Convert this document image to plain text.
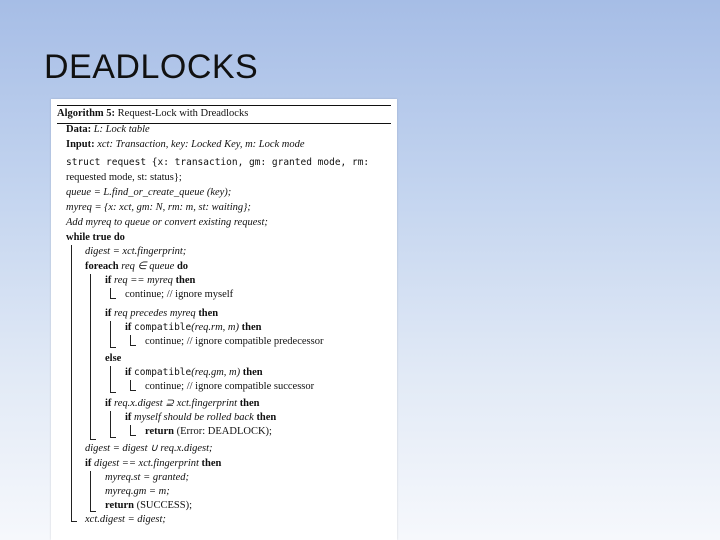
DEADLOCKS
Algorithm 5: Request-Lock with Dreadlocks
Data: L: Lock table
Input: xct: Transaction, key: Locked Key, m: Lock mode
struct request {x: transaction, gm: granted mode, rm:
requested mode, st: status};
queue = L.find_or_create_queue (key);
myreq = {x: xct, gm: N, rm: m, st: waiting};
Add myreq to queue or convert existing request;
while true do
digest = xct.fingerprint;
foreach req ∈ queue do
if req == myreq then
continue; // ignore myself
if req precedes myreq then
if compatible(req.rm, m) then
continue; // ignore compatible predecessor
else
if compatible(req.gm, m) then
continue; // ignore compatible successor
if req.x.digest ⊇ xct.fingerprint then
if myself should be rolled back then
return (Error: DEADLOCK);
digest = digest ∪ req.x.digest;
if digest == xct.fingerprint then
myreq.st = granted;
myreq.gm = m;
return (SUCCESS);
xct.digest = digest;
